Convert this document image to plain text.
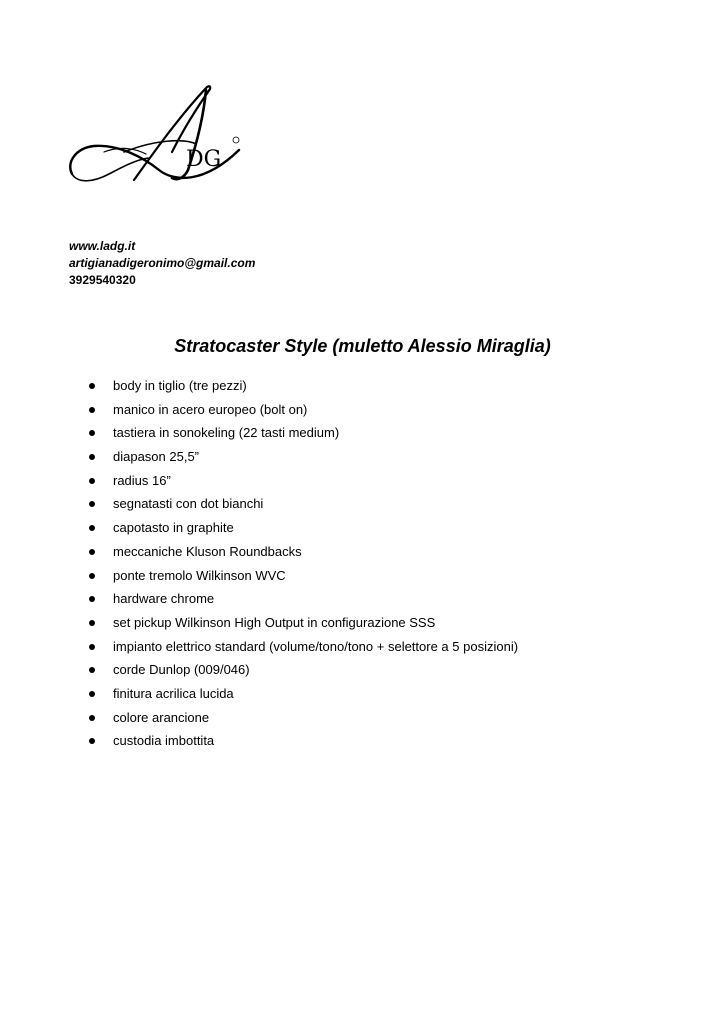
DG
www.ladg.it
artigianadigeronimo@gmail.com
3929540320
Stratocaster Style (muletto Alessio Miraglia)
body in tiglio (tre pezzi)
manico in acero europeo (bolt on)
tastiera in sonokeling (22 tasti medium)
diapason 25,5”
radius 16”
segnatasti con dot bianchi
capotasto in graphite
meccaniche Kluson Roundbacks
ponte tremolo Wilkinson WVC
hardware chrome
set pickup Wilkinson High Output in configurazione SSS
impianto elettrico standard (volume/tono/tono + selettore a 5 posizioni)
corde Dunlop (009/046)
finitura acrilica lucida
colore arancione
custodia imbottita
